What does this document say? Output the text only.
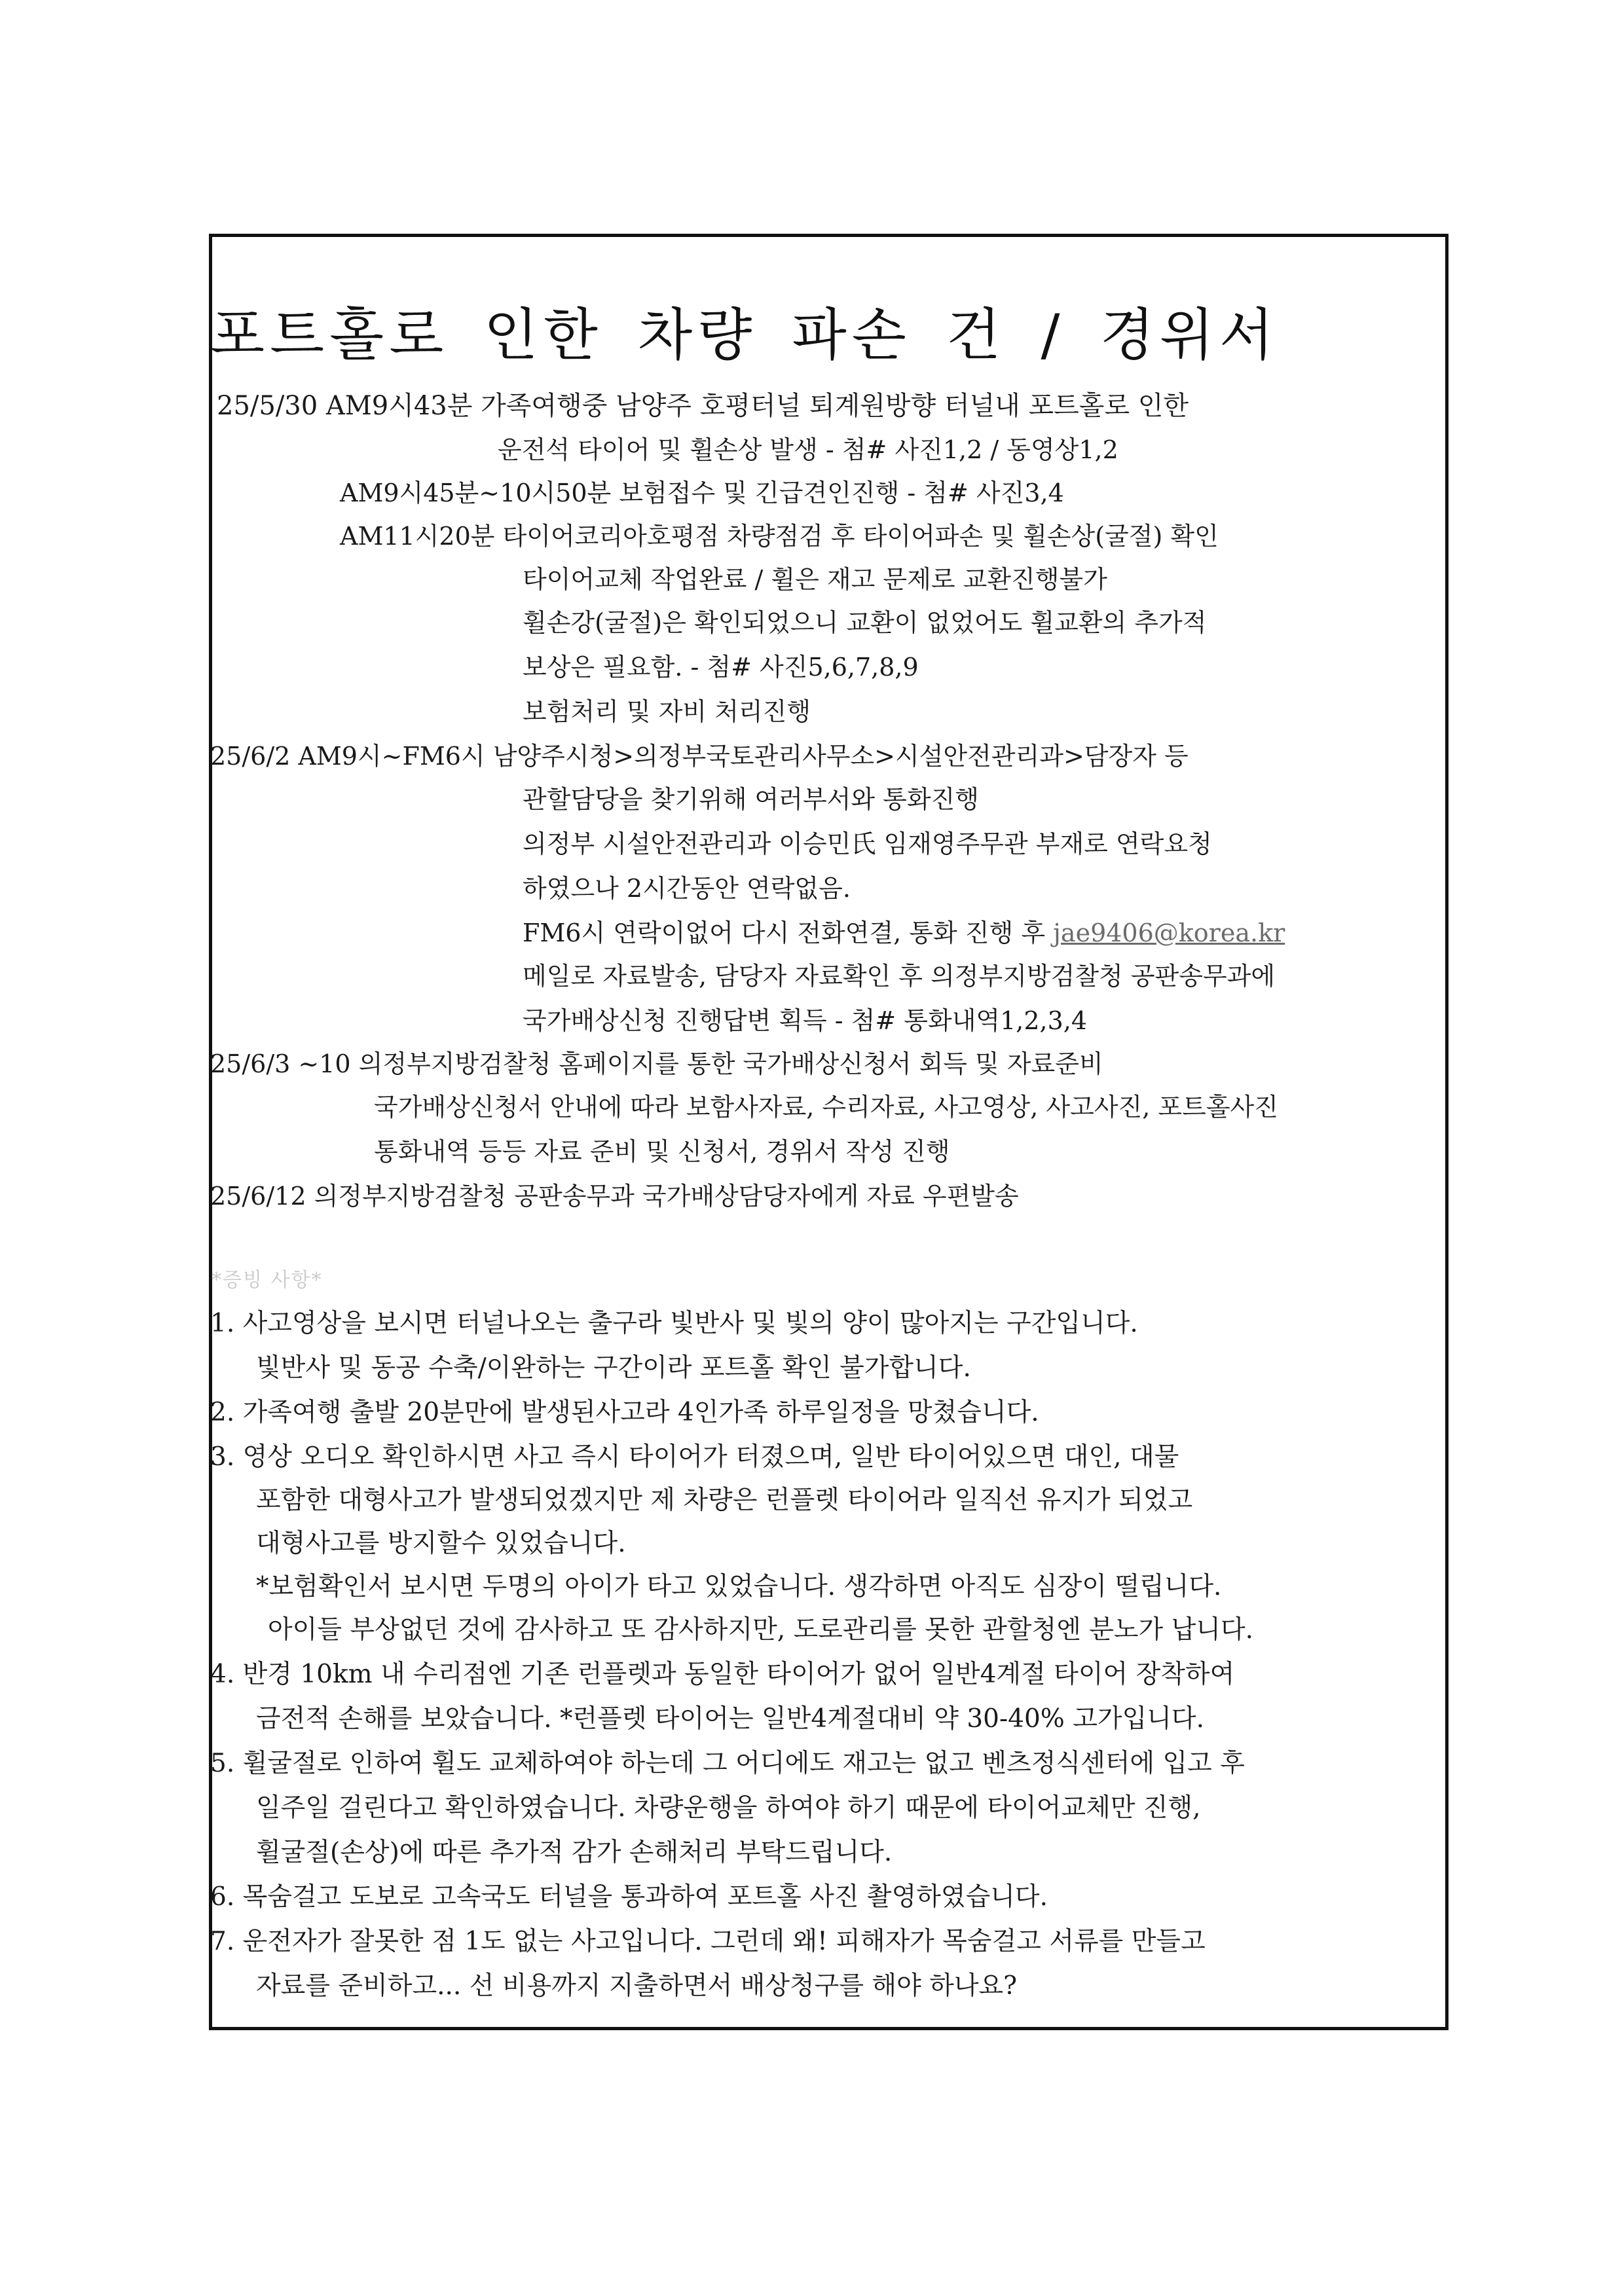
포트홀로 인한 차량 파손 건 / 경위서
25/5/30 AM9시43분 가족여행중 남양주 호평터널 퇴계원방향 터널내 포트홀로 인한
운전석 타이어 및 휠손상 발생 - 첨# 사진1,2 / 동영상1,2
AM9시45분~10시50분 보험접수 및 긴급견인진행 - 첨# 사진3,4
AM11시20분 타이어코리아호평점 차량점검 후 타이어파손 및 휠손상(굴절) 확인
타이어교체 작업완료 / 휠은 재고 문제로 교환진행불가
휠손강(굴절)은 확인되었으니 교환이 없었어도 휠교환의 추가적
보상은 필요함. - 첨# 사진5,6,7,8,9
보험처리 및 자비 처리진행
25/6/2 AM9시~FM6시 남양주시청>의정부국토관리사무소>시설안전관리과>담장자 등
관할담당을 찾기위해 여러부서와 통화진행
의정부 시설안전관리과 이승민氏 임재영주무관 부재로 연락요청
하였으나 2시간동안 연락없음.
FM6시 연락이없어 다시 전화연결, 통화 진행 후 jae9406@korea.kr
메일로 자료발송, 담당자 자료확인 후 의정부지방검찰청 공판송무과에
국가배상신청 진행답변 획득 - 첨# 통화내역1,2,3,4
25/6/3 ~10 의정부지방검찰청 홈페이지를 통한 국가배상신청서 회득 및 자료준비
국가배상신청서 안내에 따라 보함사자료, 수리자료, 사고영상, 사고사진, 포트홀사진
통화내역 등등 자료 준비 및 신청서, 경위서 작성 진행
25/6/12 의정부지방검찰청 공판송무과 국가배상담당자에게 자료 우편발송
*증빙 사항*
1. 사고영상을 보시면 터널나오는 출구라 빛반사 및 빛의 양이 많아지는 구간입니다.
빛반사 및 동공 수축/이완하는 구간이라 포트홀 확인 불가합니다.
2. 가족여행 출발 20분만에 발생된사고라 4인가족 하루일정을 망쳤습니다.
3. 영상 오디오 확인하시면 사고 즉시 타이어가 터졌으며, 일반 타이어있으면 대인, 대물
포함한 대형사고가 발생되었겠지만 제 차량은 런플렛 타이어라 일직선 유지가 되었고
대형사고를 방지할수 있었습니다.
*보험확인서 보시면 두명의 아이가 타고 있었습니다. 생각하면 아직도 심장이 떨립니다.
아이들 부상없던 것에 감사하고 또 감사하지만, 도로관리를 못한 관할청엔 분노가 납니다.
4. 반경 10km 내 수리점엔 기존 런플렛과 동일한 타이어가 없어 일반4계절 타이어 장착하여
금전적 손해를 보았습니다. *런플렛 타이어는 일반4계절대비 약 30-40% 고가입니다.
5. 휠굴절로 인하여 휠도 교체하여야 하는데 그 어디에도 재고는 없고 벤츠정식센터에 입고 후
일주일 걸린다고 확인하였습니다. 차량운행을 하여야 하기 때문에 타이어교체만 진행,
휠굴절(손상)에 따른 추가적 감가 손해처리 부탁드립니다.
6. 목숨걸고 도보로 고속국도 터널을 통과하여 포트홀 사진 촬영하였습니다.
7. 운전자가 잘못한 점 1도 없는 사고입니다. 그런데 왜! 피해자가 목숨걸고 서류를 만들고
자료를 준비하고... 선 비용까지 지출하면서 배상청구를 해야 하나요?
